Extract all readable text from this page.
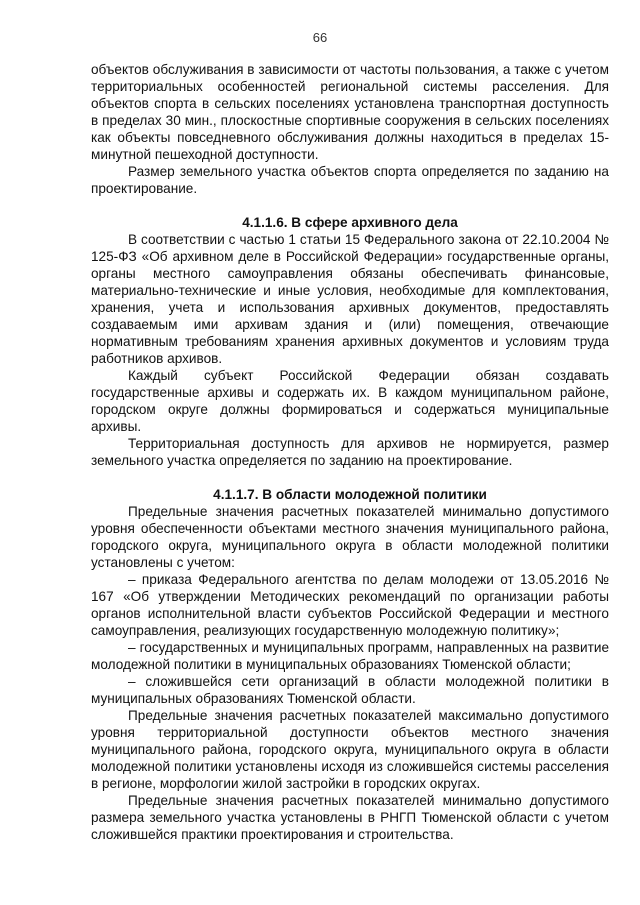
66

объектов обслуживания в зависимости от частоты пользования, а также с учетом территориальных особенностей региональной системы расселения. Для объектов спорта в сельских поселениях установлена транспортная доступность в пределах 30 мин., плоскостные спортивные сооружения в сельских поселениях как объекты повседневного обслуживания должны находиться в пределах 15-минутной пешеходной доступности.

Размер земельного участка объектов спорта определяется по заданию на проектирование.

4.1.1.6. В сфере архивного дела

В соответствии с частью 1 статьи 15 Федерального закона от 22.10.2004 № 125-ФЗ «Об архивном деле в Российской Федерации» государственные органы, органы местного самоуправления обязаны обеспечивать финансовые, материально-технические и иные условия, необходимые для комплектования, хранения, учета и использования архивных документов, предоставлять создаваемым ими архивам здания и (или) помещения, отвечающие нормативным требованиям хранения архивных документов и условиям труда работников архивов.

Каждый субъект Российской Федерации обязан создавать государственные архивы и содержать их. В каждом муниципальном районе, городском округе должны формироваться и содержаться муниципальные архивы.

Территориальная доступность для архивов не нормируется, размер земельного участка определяется по заданию на проектирование.

4.1.1.7. В области молодежной политики

Предельные значения расчетных показателей минимально допустимого уровня обеспеченности объектами местного значения муниципального района, городского округа, муниципального округа в области молодежной политики установлены с учетом:

– приказа Федерального агентства по делам молодежи от 13.05.2016 № 167 «Об утверждении Методических рекомендаций по организации работы органов исполнительной власти субъектов Российской Федерации и местного самоуправления, реализующих государственную молодежную политику»;

– государственных и муниципальных программ, направленных на развитие молодежной политики в муниципальных образованиях Тюменской области;

– сложившейся сети организаций в области молодежной политики в муниципальных образованиях Тюменской области.

Предельные значения расчетных показателей максимально допустимого уровня территориальной доступности объектов местного значения муниципального района, городского округа, муниципального округа в области молодежной политики установлены исходя из сложившейся системы расселения в регионе, морфологии жилой застройки в городских округах.

Предельные значения расчетных показателей минимально допустимого размера земельного участка установлены в РНГП Тюменской области с учетом сложившейся практики проектирования и строительства.
